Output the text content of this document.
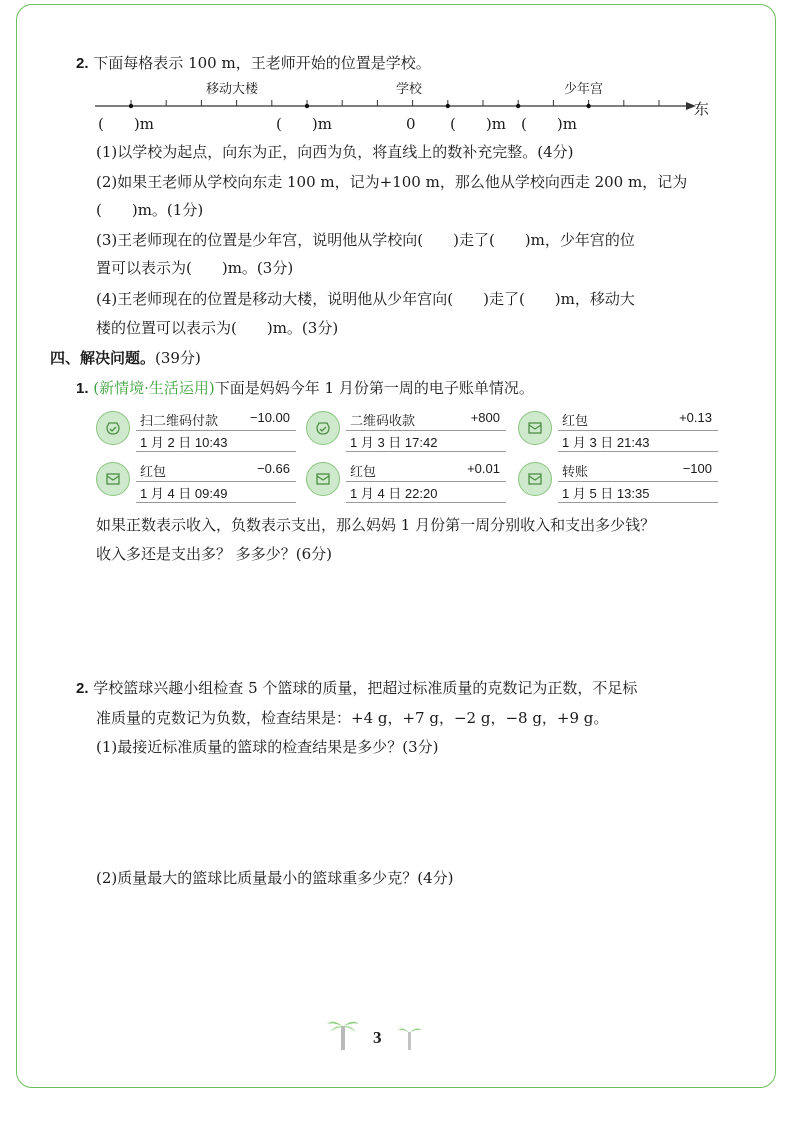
2. 下面每格表示 100 m，王老师开始的位置是学校。
移动大楼	学校	少年宫
东
(　　)m	(　　)m	0 (　　)m (　　)m
(1)以学校为起点，向东为正，向西为负，将直线上的数补充完整。(4分)
(2)如果王老师从学校向东走 100 m，记为+100 m，那么他从学校向西走 200 m，记为
(　　)m。(1分)
(3)王老师现在的位置是少年宫，说明他从学校向(　　)走了(　　)m，少年宫的位
置可以表示为(　　)m。(3分)
(4)王老师现在的位置是移动大楼，说明他从少年宫向(　　)走了(　　)m，移动大
楼的位置可以表示为(　　)m。(3分)
四、解决问题。(39分)
1. (新情境·生活运用)下面是妈妈今年 1 月份第一周的电子账单情况。
扫二维码付款 −10.00
1 月 2 日 10:43
二维码收款	+800
1 月 3 日 17:42
红包	+0.13
1 月 3 日 21:43
红包	−0.66
1 月 4 日 09:49
红包	+0.01
1 月 4 日 22:20
转账	−100
1 月 5 日 13:35
如果正数表示收入，负数表示支出，那么妈妈 1 月份第一周分别收入和支出多少钱？
收入多还是支出多？ 多多少？(6分)
2. 学校篮球兴趣小组检查 5 个篮球的质量，把超过标准质量的克数记为正数，不足标
准质量的克数记为负数，检查结果是：+4 g，+7 g，−2 g，−8 g，+9 g。
(1)最接近标准质量的篮球的检查结果是多少？(3分)
(2)质量最大的篮球比质量最小的篮球重多少克？(4分)
3
